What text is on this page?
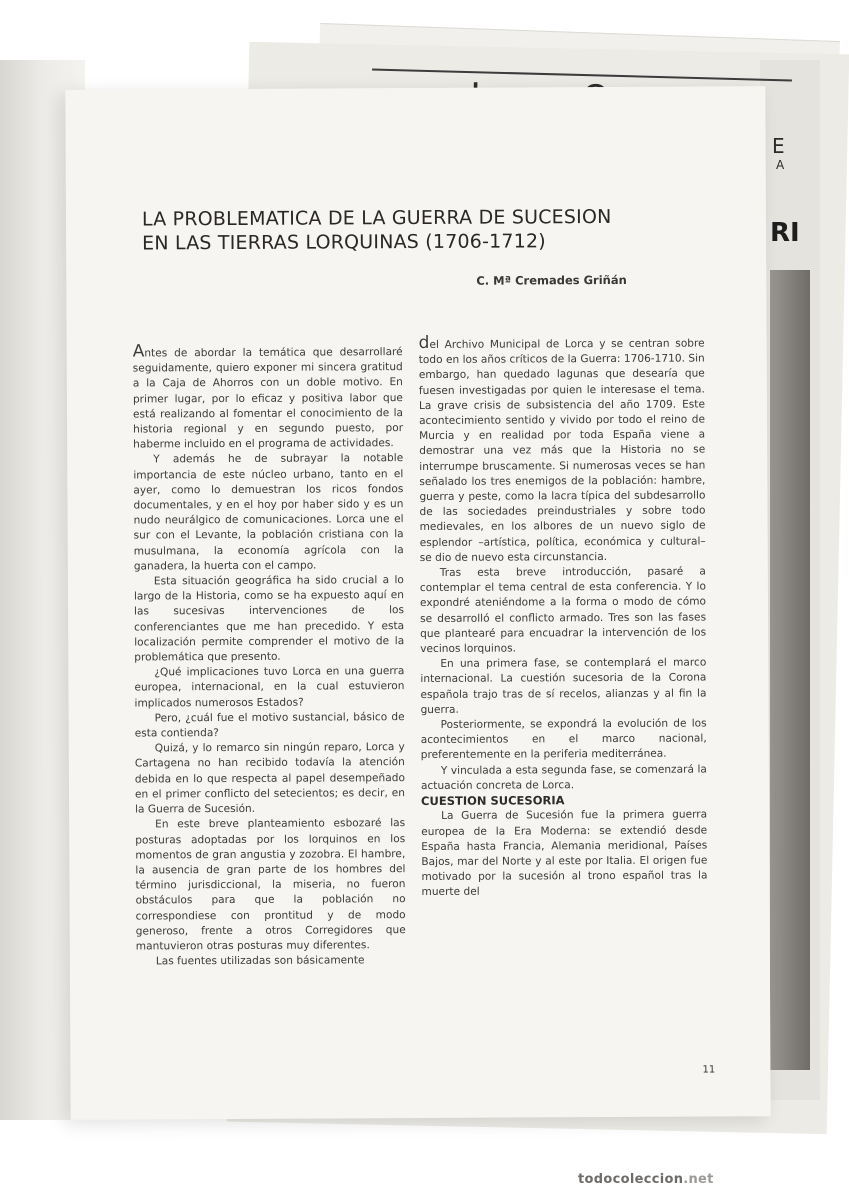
E
A
RI
LA PROBLEMATICA DE LA GUERRA DE SUCESION
EN LAS TIERRAS LORQUINAS (1706-1712)
C. Mª Cremades Griñán

Antes de abordar la temática que desarrollaré seguidamente, quiero exponer mi sincera gratitud a la Caja de Ahorros con un doble motivo. En primer lugar, por lo eficaz y positiva labor que está realizando al fomentar el conocimiento de la historia regional y en segundo puesto, por haberme incluido en el programa de actividades.

Y además he de subrayar la notable importancia de este núcleo urbano, tanto en el ayer, como lo demuestran los ricos fondos documentales, y en el hoy por haber sido y es un nudo neurálgico de comunicaciones. Lorca une el sur con el Levante, la población cristiana con la musulmana, la economía agrícola con la ganadera, la huerta con el campo.

Esta situación geográfica ha sido crucial a lo largo de la Historia, como se ha expuesto aquí en las sucesivas intervenciones de los conferenciantes que me han precedido. Y esta localización permite comprender el motivo de la problemática que presento.

¿Qué implicaciones tuvo Lorca en una guerra europea, internacional, en la cual estuvieron implicados numerosos Estados?

Pero, ¿cuál fue el motivo sustancial, básico de esta contienda?

Quizá, y lo remarco sin ningún reparo, Lorca y Cartagena no han recibido todavía la atención debida en lo que respecta al papel desempeñado en el primer conflicto del setecientos; es decir, en la Guerra de Sucesión.

En este breve planteamiento esbozaré las posturas adoptadas por los lorquinos en los momentos de gran angustia y zozobra. El hambre, la ausencia de gran parte de los hombres del término jurisdiccional, la miseria, no fueron obstáculos para que la población no correspondiese con prontitud y de modo generoso, frente a otros Corregidores que mantuvieron otras posturas muy diferentes.

Las fuentes utilizadas son básicamente

del Archivo Municipal de Lorca y se centran sobre todo en los años críticos de la Guerra: 1706-1710. Sin embargo, han quedado lagunas que desearía que fuesen investigadas por quien le interesase el tema. La grave crisis de subsistencia del año 1709. Este acontecimiento sentido y vivido por todo el reino de Murcia y en realidad por toda España viene a demostrar una vez más que la Historia no se interrumpe bruscamente. Si numerosas veces se han señalado los tres enemigos de la población: hambre, guerra y peste, como la lacra típica del subdesarrollo de las sociedades preindustriales y sobre todo medievales, en los albores de un nuevo siglo de esplendor –artística, política, económica y cultural– se dio de nuevo esta circunstancia.

Tras esta breve introducción, pasaré a contemplar el tema central de esta conferencia. Y lo expondré ateniéndome a la forma o modo de cómo se desarrolló el conflicto armado. Tres son las fases que plantearé para encuadrar la intervención de los vecinos lorquinos.

En una primera fase, se contemplará el marco internacional. La cuestión sucesoria de la Corona española trajo tras de sí recelos, alianzas y al fin la guerra.

Posteriormente, se expondrá la evolución de los acontecimientos en el marco nacional, preferentemente en la periferia mediterránea.

Y vinculada a esta segunda fase, se comenzará la actuación concreta de Lorca.

CUESTION SUCESORIA

La Guerra de Sucesión fue la primera guerra europea de la Era Moderna: se extendió desde España hasta Francia, Alemania meridional, Países Bajos, mar del Norte y al este por Italia. El origen fue motivado por la sucesión al trono español tras la muerte del

11
todocoleccion.net
